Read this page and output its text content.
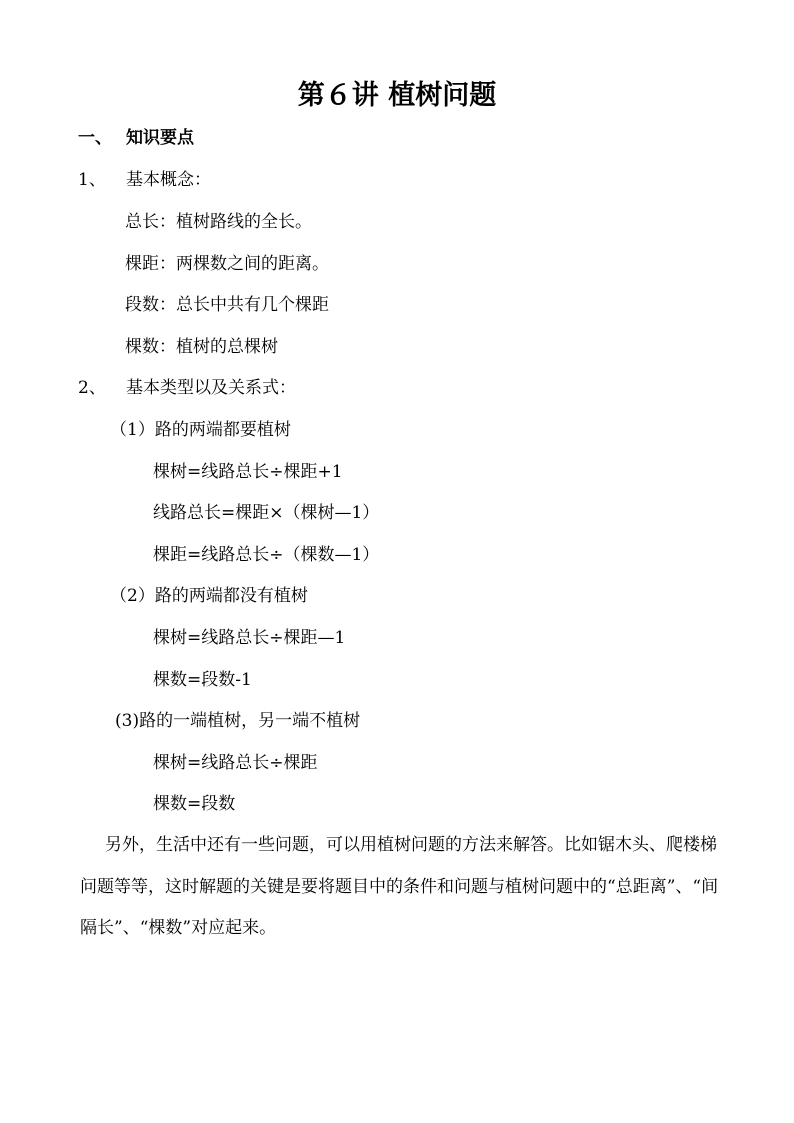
第６讲 植树问题
一、 知识要点
1、 基本概念：
总长：植树路线的全长。
棵距：两棵数之间的距离。
段数：总长中共有几个棵距
棵数：植树的总棵树
2、 基本类型以及关系式：
（1）路的两端都要植树
棵树=线路总长÷棵距+1
线路总长=棵距×（棵树—1）
棵距=线路总长÷（棵数—1）
（2）路的两端都没有植树
棵树=线路总长÷棵距—1
棵数=段数-1
(3)路的一端植树，另一端不植树
棵树=线路总长÷棵距
棵数=段数
另外，生活中还有一些问题，可以用植树问题的方法来解答。比如锯木头、爬楼梯问题等等，这时解题的关键是要将题目中的条件和问题与植树问题中的“总距离”、“间隔长”、“棵数”对应起来。
